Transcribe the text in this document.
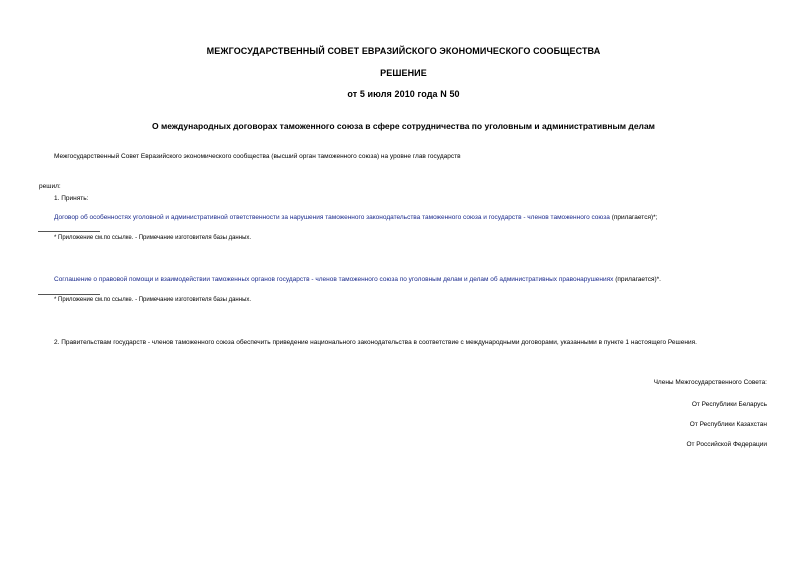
МЕЖГОСУДАРСТВЕННЫЙ СОВЕТ ЕВРАЗИЙСКОГО ЭКОНОМИЧЕСКОГО СООБЩЕСТВА
РЕШЕНИЕ
от 5 июля 2010 года N 50
О международных договорах таможенного союза в сфере сотрудничества по уголовным и административным делам
Межгосударственный Совет Евразийского экономического сообщества (высший орган таможенного союза) на уровне глав государств
решил:
1. Принять:
Договор об особенностях уголовной и административной ответственности за нарушения таможенного законодательства таможенного союза и государств - членов таможенного союза (прилагается)*;
* Приложение см.по ссылке. - Примечание изготовителя базы данных.
Соглашение о правовой помощи и взаимодействии таможенных органов государств - членов таможенного союза по уголовным делам и делам об административных правонарушениях (прилагается)*.
* Приложение см.по ссылке. - Примечание изготовителя базы данных.
2. Правительствам государств - членов таможенного союза обеспечить приведение национального законодательства в соответствие с международными договорами, указанными в пункте 1 настоящего Решения.
Члены Межгосударственного Совета:
От Республики Беларусь
От Республики Казахстан
От Российской Федерации
